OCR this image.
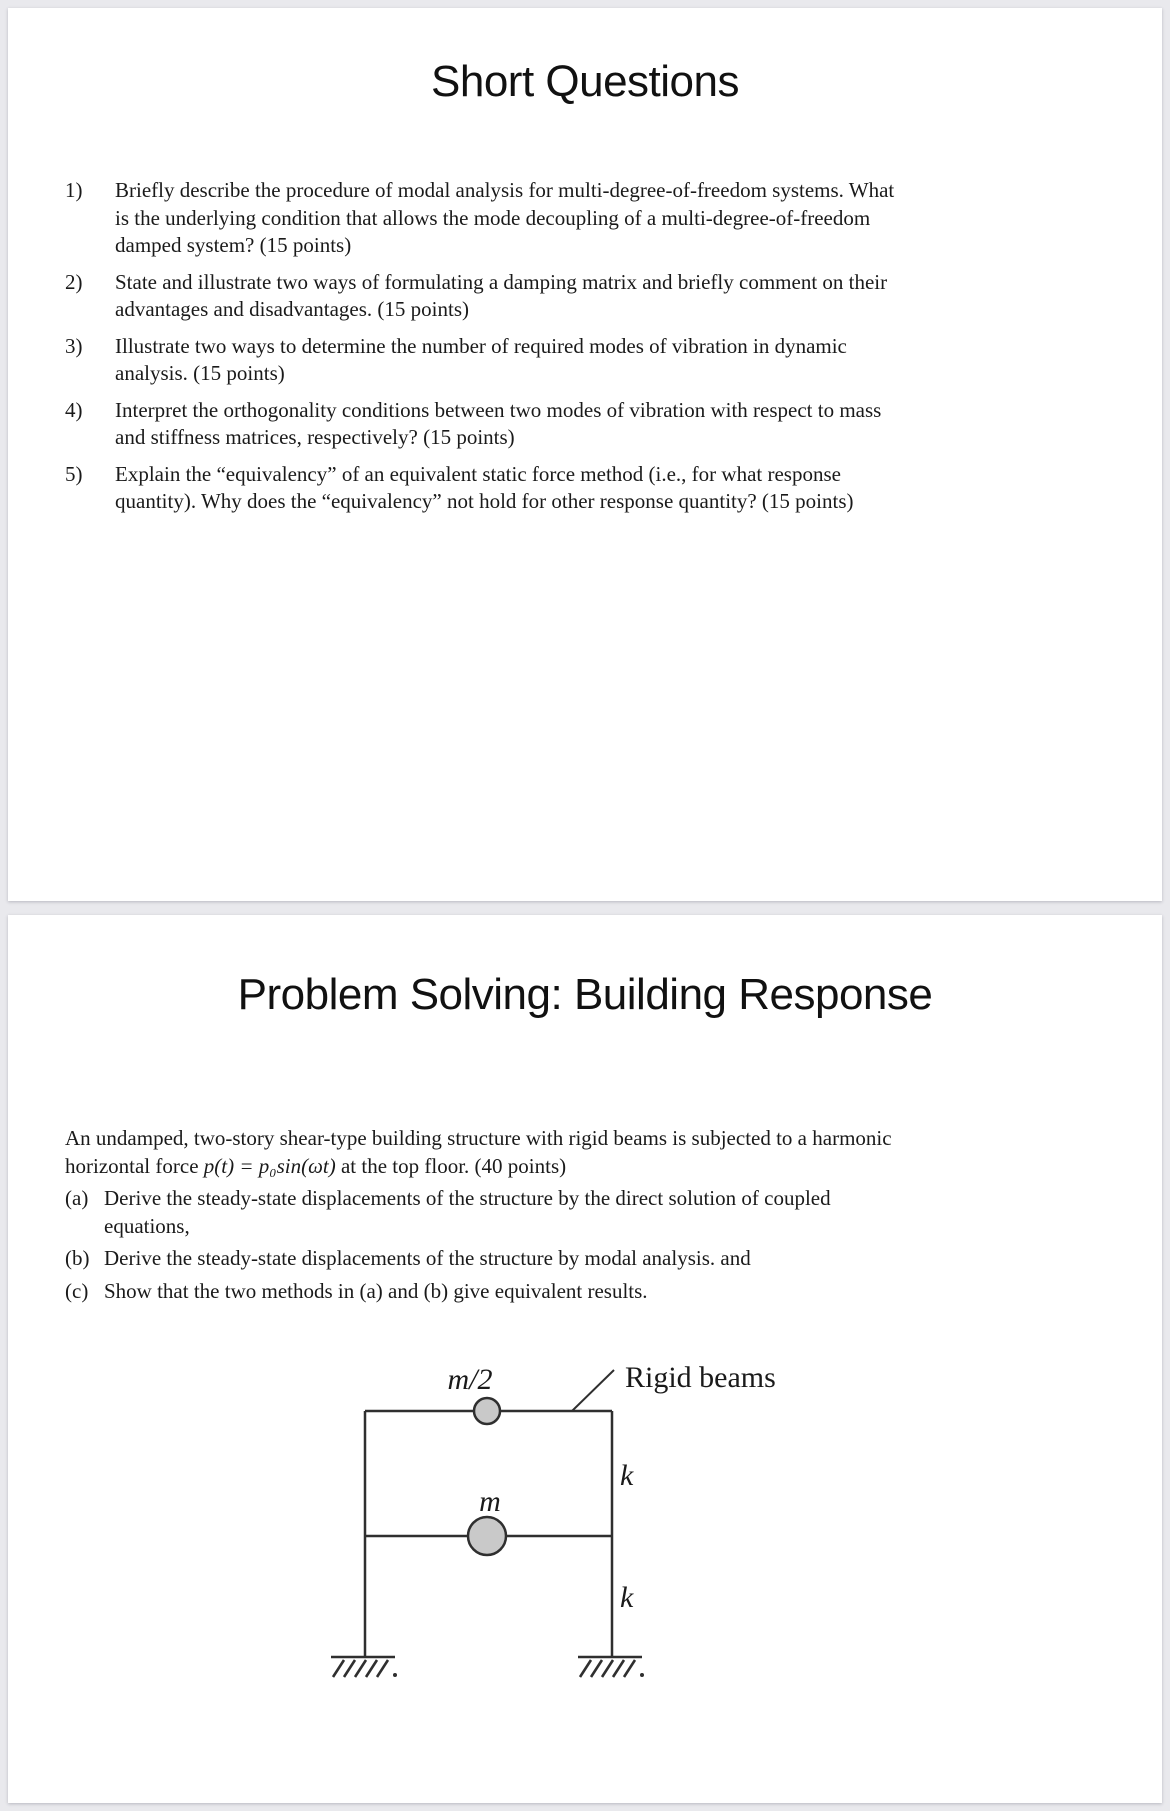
Short Questions
1)	Briefly describe the procedure of modal analysis for multi-degree-of-freedom systems. What
is the underlying condition that allows the mode decoupling of a multi-degree-of-freedom
damped system? (15 points)
2)	State and illustrate two ways of formulating a damping matrix and briefly comment on their
advantages and disadvantages. (15 points)
3)	Illustrate two ways to determine the number of required modes of vibration in dynamic
analysis. (15 points)
4)	Interpret the orthogonality conditions between two modes of vibration with respect to mass
and stiffness matrices, respectively? (15 points)
5)	Explain the “equivalency” of an equivalent static force method (i.e., for what response
quantity). Why does the “equivalency” not hold for other response quantity? (15 points)
Problem Solving: Building Response
An undamped, two-story shear-type building structure with rigid beams is subjected to a harmonic
horizontal force p(t) = p₀sin(ωt) at the top floor. (40 points)
(a) Derive the steady-state displacements of the structure by the direct solution of coupled
equations,
(b) Derive the steady-state displacements of the structure by modal analysis. and
(c) Show that the two methods in (a) and (b) give equivalent results.
m/2	Rigid beams
k
m
k
